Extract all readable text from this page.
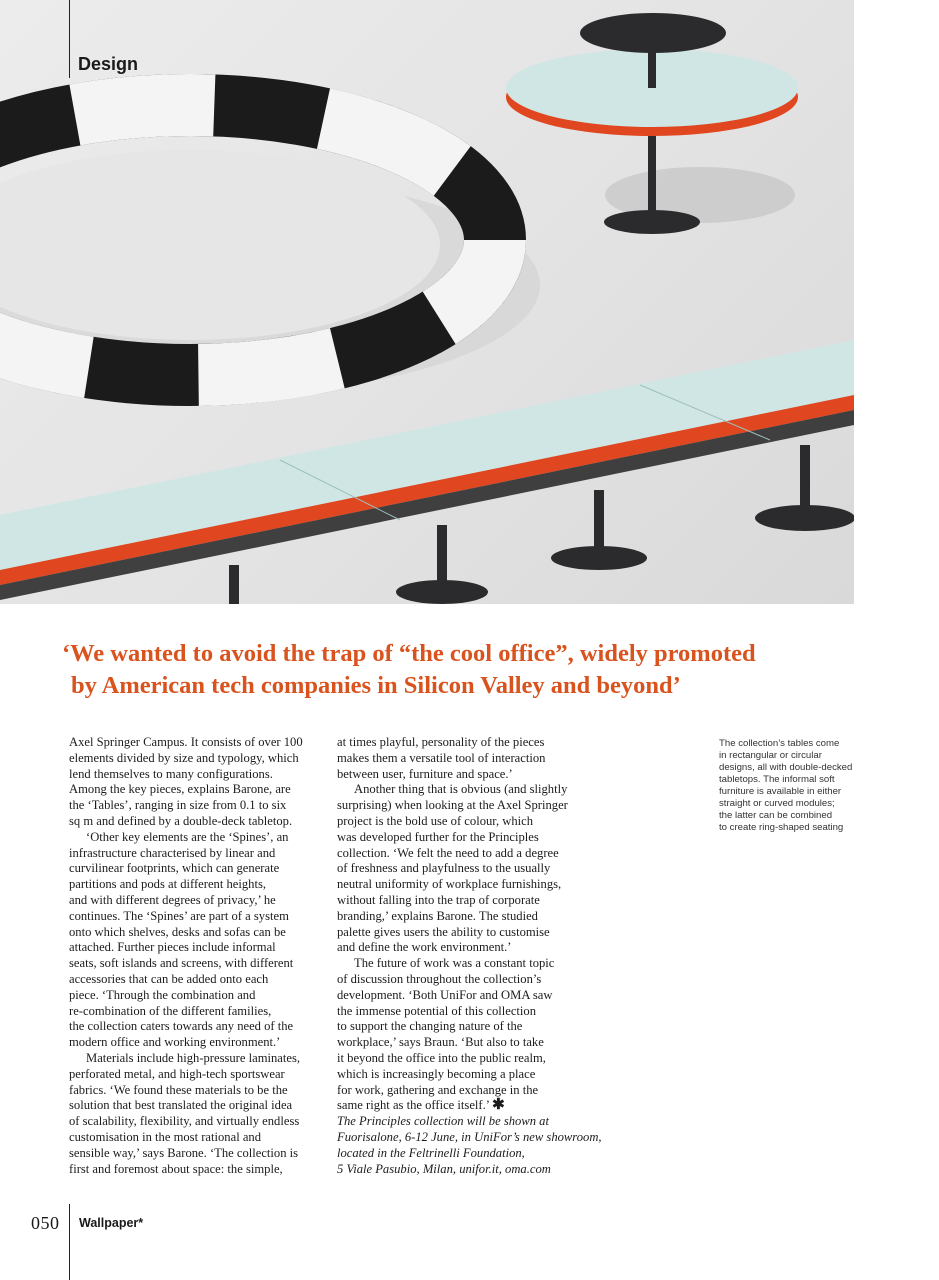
Design
‘We wanted to avoid the trap of “the cool office”, widely promoted
by American tech companies in Silicon Valley and beyond’
Axel Springer Campus. It consists of over 100
elements divided by size and typology, which
lend themselves to many configurations.
Among the key pieces, explains Barone, are
the ‘Tables’, ranging in size from 0.1 to six
sq m and defined by a double-deck tabletop.
‘Other key elements are the ‘Spines’, an
infrastructure characterised by linear and
curvilinear footprints, which can generate
partitions and pods at different heights,
and with different degrees of privacy,’ he
continues. The ‘Spines’ are part of a system
onto which shelves, desks and sofas can be
attached. Further pieces include informal
seats, soft islands and screens, with different
accessories that can be added onto each
piece. ‘Through the combination and
re-combination of the different families,
the collection caters towards any need of the
modern office and working environment.’
Materials include high-pressure laminates,
perforated metal, and high-tech sportswear
fabrics. ‘We found these materials to be the
solution that best translated the original idea
of scalability, flexibility, and virtually endless
customisation in the most rational and
sensible way,’ says Barone. ‘The collection is
first and foremost about space: the simple,
at times playful, personality of the pieces
makes them a versatile tool of interaction
between user, furniture and space.’
Another thing that is obvious (and slightly
surprising) when looking at the Axel Springer
project is the bold use of colour, which
was developed further for the Principles
collection. ‘We felt the need to add a degree
of freshness and playfulness to the usually
neutral uniformity of workplace furnishings,
without falling into the trap of corporate
branding,’ explains Barone. The studied
palette gives users the ability to customise
and define the work environment.’
The future of work was a constant topic
of discussion throughout the collection’s
development. ‘Both UniFor and OMA saw
the immense potential of this collection
to support the changing nature of the
workplace,’ says Braun. ‘But also to take
it beyond the office into the public realm,
which is increasingly becoming a place
for work, gathering and exchange in the
same right as the office itself.’ ✱
The Principles collection will be shown at
Fuorisalone, 6-12 June, in UniFor’s new showroom,
located in the Feltrinelli Foundation,
5 Viale Pasubio, Milan, unifor.it, oma.com
The collection’s tables come
in rectangular or circular
designs, all with double-decked
tabletops. The informal soft
furniture is available in either
straight or curved modules;
the latter can be combined
to create ring-shaped seating
050 Wallpaper*
